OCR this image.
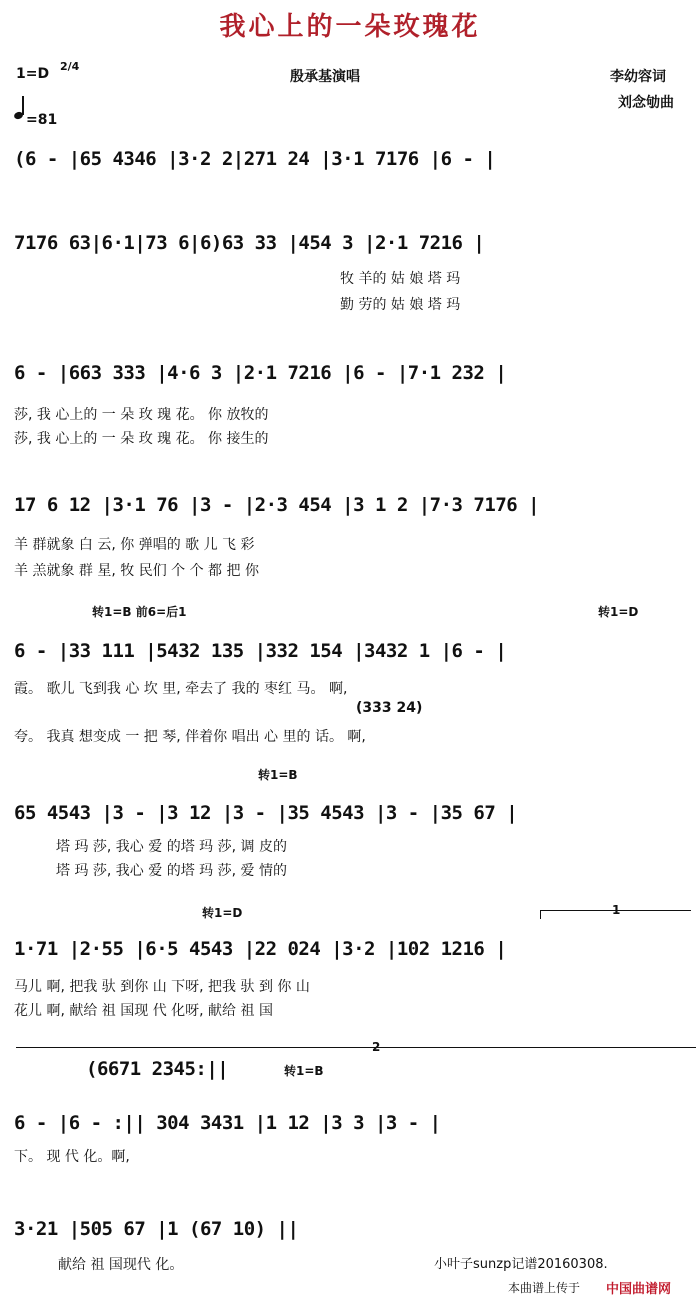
我心上的一朵玫瑰花
1=D 2/4
殷承基演唱	李幼容词
刘念劬曲
=81
(6 - |65 4346 |3·2 2|271 24 |3·1 7176 |6 - |
7176 63|6·1|73 6|6)63 33 |454 3 |2·1 7216 |
牧 羊的 姑 娘 塔 玛
勤 劳的 姑 娘 塔 玛
6 - |663 333 |4·6 3 |2·1 7216 |6 - |7·1 232 |
莎, 我 心上的 一 朵 玫 瑰 花。 你 放牧的
莎, 我 心上的 一 朵 玫 瑰 花。 你 接生的
17 6 12 |3·1 76 |3 - |2·3 454 |3 1 2 |7·3 7176 |
羊 群就象 白 云, 你 弹唱的 歌 儿 飞 彩
羊 羔就象 群 星, 牧 民们 个 个 都 把 你
转1=B 前6=后1	转1=D
6 - |33 111 |5432 135 |332 154 |3432 1 |6 - |
霞。 歌儿 飞到我 心 坎 里, 牵去了 我的 枣红 马。 啊,
(333 24)
夸。 我真 想变成 一 把 琴, 伴着你 唱出 心 里的 话。 啊,
转1=B
65 4543 |3 - |3 12 |3 - |35 4543 |3 - |35 67 |
塔 玛 莎, 我心 爱 的塔 玛 莎, 调 皮的
塔 玛 莎, 我心 爱 的塔 玛 莎, 爱 情的
转1=D	1
1·71 |2·55 |6·5 4543 |22 024 |3·2 |102 1216 |
马儿 啊, 把我 驮 到你 山 下呀, 把我 驮 到 你 山
花儿 啊, 献给 祖 国现 代 化呀, 献给 祖 国
2
转1=B
(6671 2345:||
6 - |6 - :|| 304 3431 |1 12 |3 3 |3 - |
下。 现 代 化。啊,
3·21 |505 67 |1 (67 10) ||
献给 祖 国现代 化。	小叶子sunzp记谱20160308.
本曲谱上传于 中国曲谱网
